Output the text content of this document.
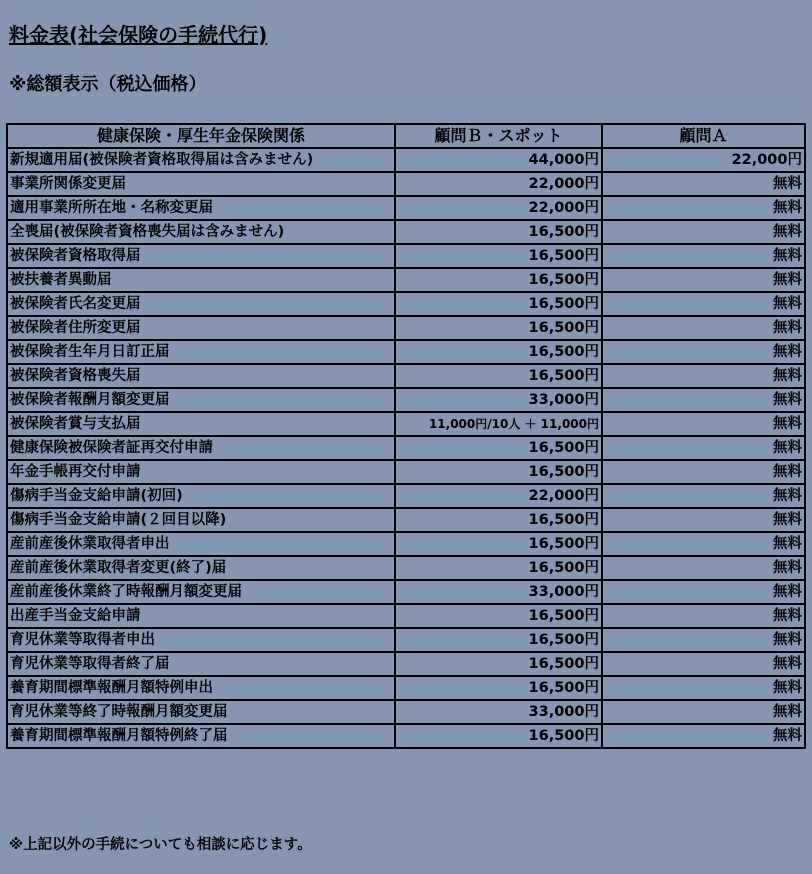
料金表(社会保険の手続代行)
※総額表示（税込価格）
健康保険・厚生年金保険関係	顧問Ｂ・スポット	顧問Ａ
新規適用届(被保険者資格取得届は含みません)	44,000円	22,000円
事業所関係変更届	22,000円	無料
適用事業所所在地・名称変更届	22,000円	無料
全喪届(被保険者資格喪失届は含みません)	16,500円	無料
被保険者資格取得届	16,500円	無料
被扶養者異動届	16,500円	無料
被保険者氏名変更届	16,500円	無料
被保険者住所変更届	16,500円	無料
被保険者生年月日訂正届	16,500円	無料
被保険者資格喪失届	16,500円	無料
被保険者報酬月額変更届	33,000円	無料
被保険者賞与支払届	11,000円/10人 ＋ 11,000円	無料
健康保険被保険者証再交付申請	16,500円	無料
年金手帳再交付申請	16,500円	無料
傷病手当金支給申請(初回)	22,000円	無料
傷病手当金支給申請(２回目以降)	16,500円	無料
産前産後休業取得者申出	16,500円	無料
産前産後休業取得者変更(終了)届	16,500円	無料
産前産後休業終了時報酬月額変更届	33,000円	無料
出産手当金支給申請	16,500円	無料
育児休業等取得者申出	16,500円	無料
育児休業等取得者終了届	16,500円	無料
養育期間標準報酬月額特例申出	16,500円	無料
育児休業等終了時報酬月額変更届	33,000円	無料
養育期間標準報酬月額特例終了届	16,500円	無料
※上記以外の手続についても相談に応じます。
